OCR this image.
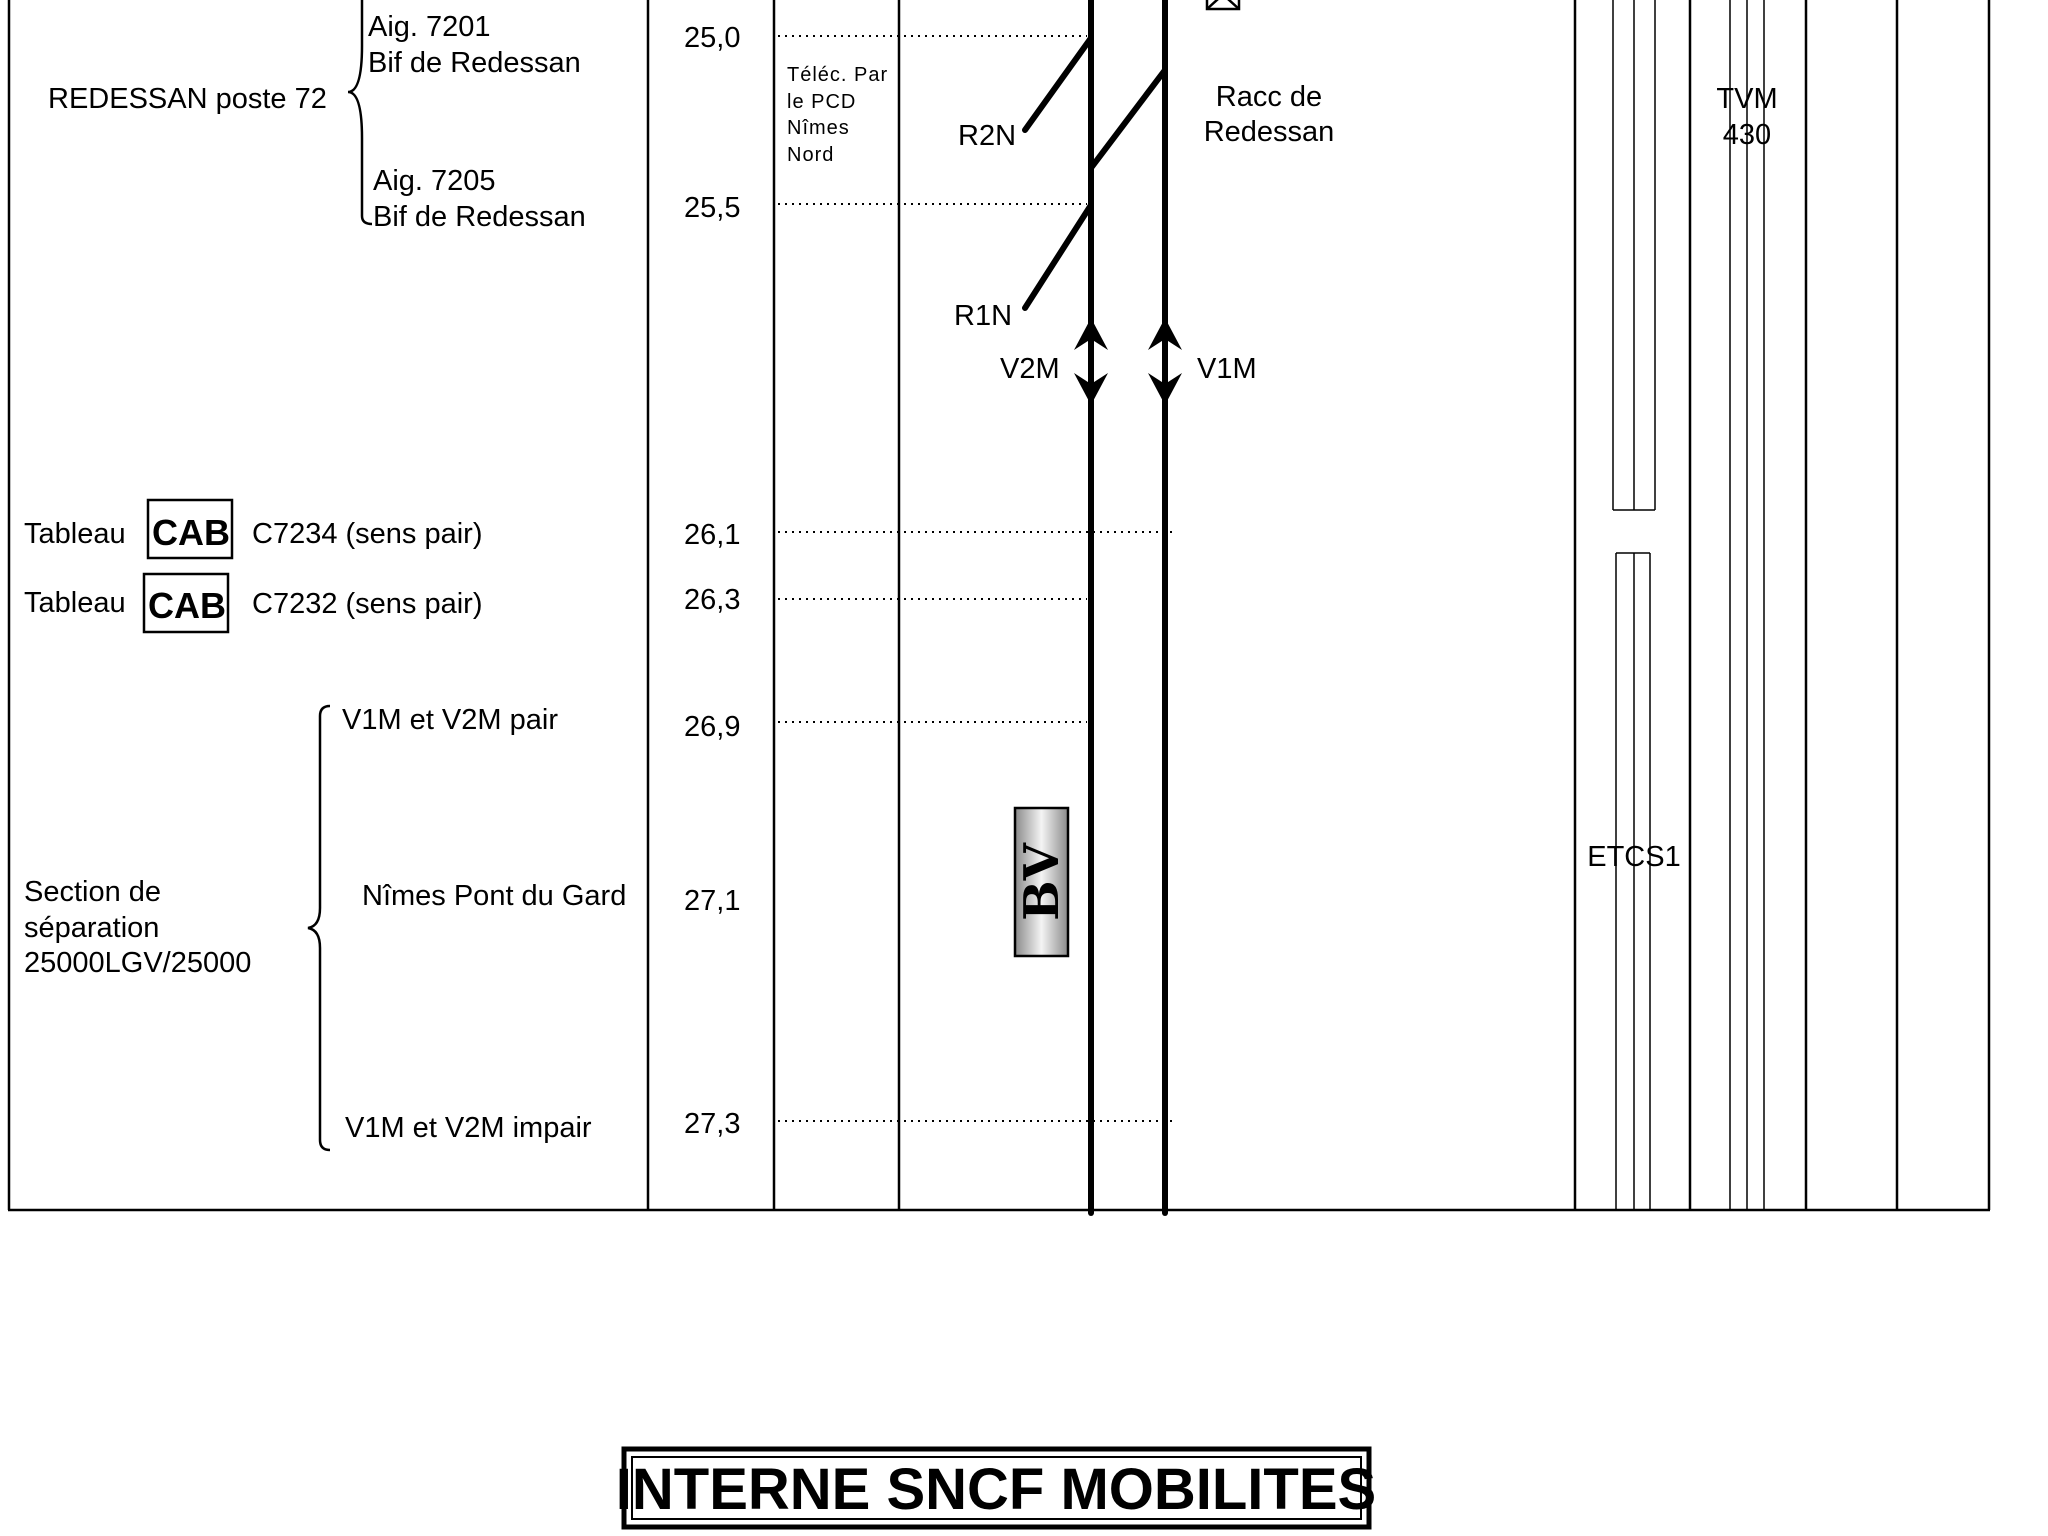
BV
Aig. 7201
Bif de Redessan
REDESSAN poste 72
Aig. 7205
Bif de Redessan
Tableau CAB C7234 (sens pair)
Tableau CAB C7232 (sens pair)
V1M et V2M pair
Section de
séparation
25000LGV/25000
Nîmes Pont du Gard
V1M et V2M impair
25,0
25,5
26,1
26,3
26,9
27,1
27,3
Téléc. Par
le PCD
Nîmes
Nord
R2N
R1N
V2M	V1M
Racc de
Redessan
TVM
430
ETCS1
INTERNE SNCF MOBILITES
